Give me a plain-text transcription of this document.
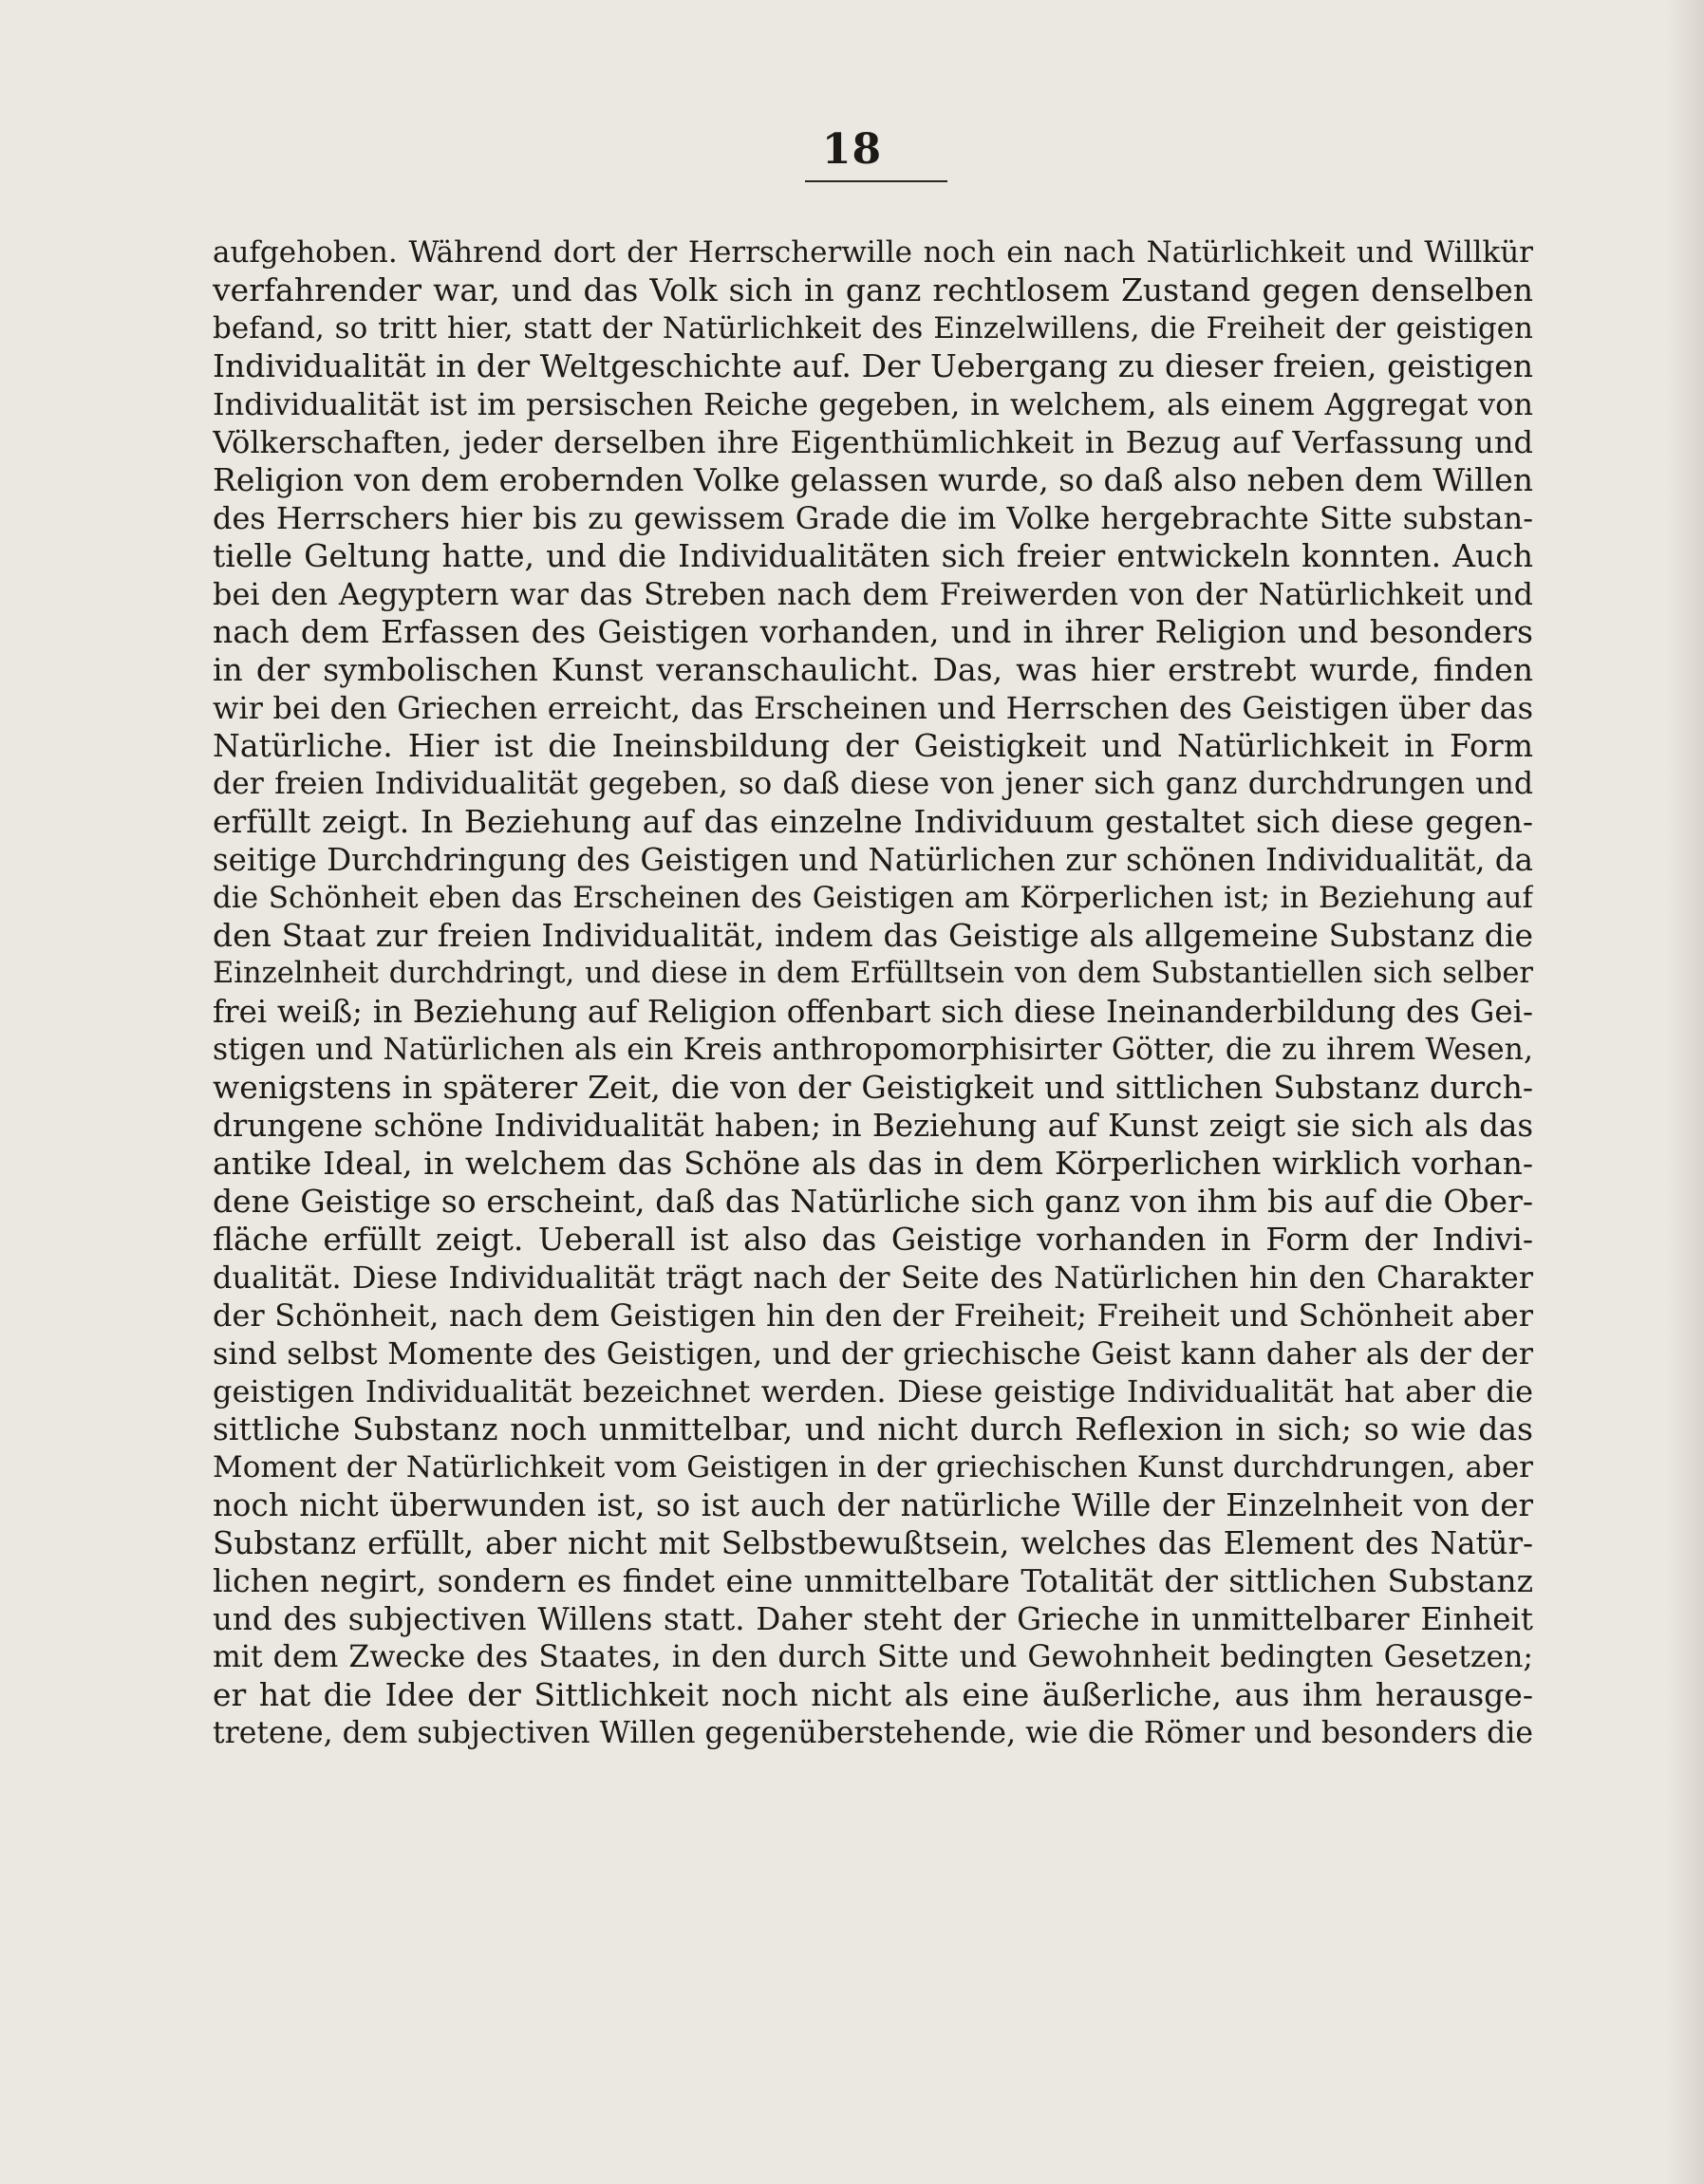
18
aufgehoben. Während dort der Herrscherwille noch ein nach Natürlichkeit und Willkür
verfahrender war, und das Volk sich in ganz rechtlosem Zustand gegen denselben
befand, so tritt hier, statt der Natürlichkeit des Einzelwillens, die Freiheit der geistigen
Individualität in der Weltgeschichte auf. Der Uebergang zu dieser freien, geistigen
Individualität ist im persischen Reiche gegeben, in welchem, als einem Aggregat von
Völkerschaften, jeder derselben ihre Eigenthümlichkeit in Bezug auf Verfassung und
Religion von dem erobernden Volke gelassen wurde, so daß also neben dem Willen
des Herrschers hier bis zu gewissem Grade die im Volke hergebrachte Sitte substan-
tielle Geltung hatte, und die Individualitäten sich freier entwickeln konnten. Auch
bei den Aegyptern war das Streben nach dem Freiwerden von der Natürlichkeit und
nach dem Erfassen des Geistigen vorhanden, und in ihrer Religion und besonders
in der symbolischen Kunst veranschaulicht. Das, was hier erstrebt wurde, finden
wir bei den Griechen erreicht, das Erscheinen und Herrschen des Geistigen über das
Natürliche. Hier ist die Ineinsbildung der Geistigkeit und Natürlichkeit in Form
der freien Individualität gegeben, so daß diese von jener sich ganz durchdrungen und
erfüllt zeigt. In Beziehung auf das einzelne Individuum gestaltet sich diese gegen-
seitige Durchdringung des Geistigen und Natürlichen zur schönen Individualität, da
die Schönheit eben das Erscheinen des Geistigen am Körperlichen ist; in Beziehung auf
den Staat zur freien Individualität, indem das Geistige als allgemeine Substanz die
Einzelnheit durchdringt, und diese in dem Erfülltsein von dem Substantiellen sich selber
frei weiß; in Beziehung auf Religion offenbart sich diese Ineinanderbildung des Gei-
stigen und Natürlichen als ein Kreis anthropomorphisirter Götter, die zu ihrem Wesen,
wenigstens in späterer Zeit, die von der Geistigkeit und sittlichen Substanz durch-
drungene schöne Individualität haben; in Beziehung auf Kunst zeigt sie sich als das
antike Ideal, in welchem das Schöne als das in dem Körperlichen wirklich vorhan-
dene Geistige so erscheint, daß das Natürliche sich ganz von ihm bis auf die Ober-
fläche erfüllt zeigt. Ueberall ist also das Geistige vorhanden in Form der Indivi-
dualität. Diese Individualität trägt nach der Seite des Natürlichen hin den Charakter
der Schönheit, nach dem Geistigen hin den der Freiheit; Freiheit und Schönheit aber
sind selbst Momente des Geistigen, und der griechische Geist kann daher als der der
geistigen Individualität bezeichnet werden. Diese geistige Individualität hat aber die
sittliche Substanz noch unmittelbar, und nicht durch Reflexion in sich; so wie das
Moment der Natürlichkeit vom Geistigen in der griechischen Kunst durchdrungen, aber
noch nicht überwunden ist, so ist auch der natürliche Wille der Einzelnheit von der
Substanz erfüllt, aber nicht mit Selbstbewußtsein, welches das Element des Natür-
lichen negirt, sondern es findet eine unmittelbare Totalität der sittlichen Substanz
und des subjectiven Willens statt. Daher steht der Grieche in unmittelbarer Einheit
mit dem Zwecke des Staates, in den durch Sitte und Gewohnheit bedingten Gesetzen;
er hat die Idee der Sittlichkeit noch nicht als eine äußerliche, aus ihm herausge-
tretene, dem subjectiven Willen gegenüberstehende, wie die Römer und besonders die
